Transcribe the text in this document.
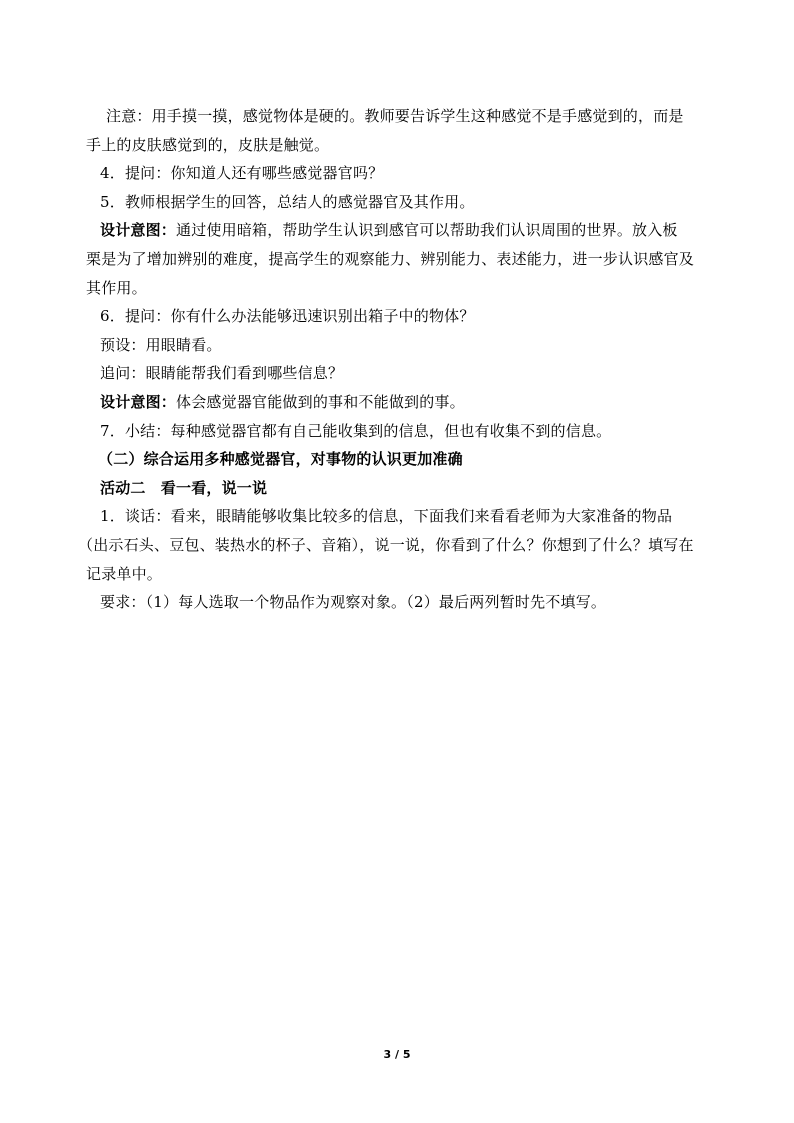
注意：用手摸一摸，感觉物体是硬的。教师要告诉学生这种感觉不是手感觉到的，而是
手上的皮肤感觉到的，皮肤是触觉。

4．提问：你知道人还有哪些感觉器官吗？

5．教师根据学生的回答，总结人的感觉器官及其作用。

设计意图：通过使用暗箱，帮助学生认识到感官可以帮助我们认识周围的世界。放入板
栗是为了增加辨别的难度，提高学生的观察能力、辨别能力、表述能力，进一步认识感官及
其作用。

6．提问：你有什么办法能够迅速识别出箱子中的物体？

预设：用眼睛看。

追问：眼睛能帮我们看到哪些信息？

设计意图：体会感觉器官能做到的事和不能做到的事。

7．小结：每种感觉器官都有自己能收集到的信息，但也有收集不到的信息。

（二）综合运用多种感觉器官，对事物的认识更加准确

活动二　看一看，说一说

1．谈话：看来，眼睛能够收集比较多的信息，下面我们来看看老师为大家准备的物品
（出示石头、豆包、装热水的杯子、音箱），说一说，你看到了什么？你想到了什么？填写在
记录单中。

要求：（1）每人选取一个物品作为观察对象。（2）最后两列暂时先不填写。

3 / 5
